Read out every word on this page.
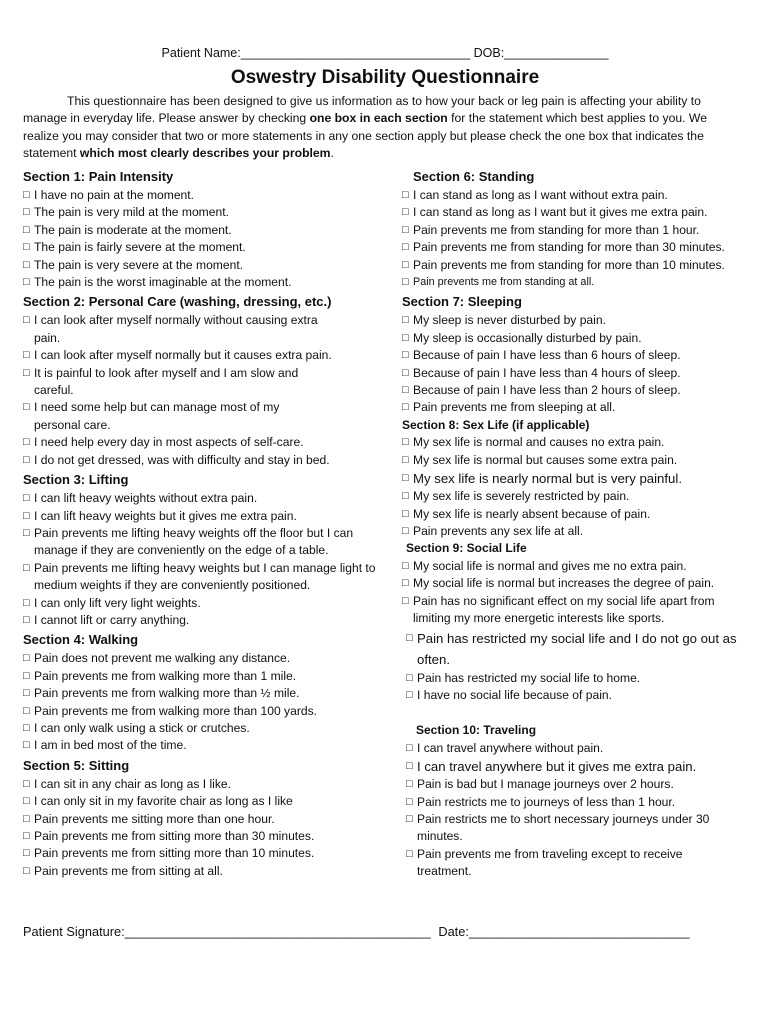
Patient Name:_________________________________ DOB:_______________
Oswestry Disability Questionnaire
This questionnaire has been designed to give us information as to how your back or leg pain is affecting your ability to manage in everyday life. Please answer by checking one box in each section for the statement which best applies to you. We realize you may consider that two or more statements in any one section apply but please check the one box that indicates the statement which most clearly describes your problem.
Section 1: Pain Intensity
□ I have no pain at the moment.
□ The pain is very mild at the moment.
□ The pain is moderate at the moment.
□ The pain is fairly severe at the moment.
□ The pain is very severe at the moment.
□ The pain is the worst imaginable at the moment.
Section 2: Personal Care (washing, dressing, etc.)
□ I can look after myself normally without causing extra pain.
□ I can look after myself normally but it causes extra pain.
□ It is painful to look after myself and I am slow and careful.
□ I need some help but can manage most of my personal care.
□ I need help every day in most aspects of self-care.
□ I do not get dressed, was with difficulty and stay in bed.
Section 3: Lifting
□ I can lift heavy weights without extra pain.
□ I can lift heavy weights but it gives me extra pain.
□ Pain prevents me lifting heavy weights off the floor but I can manage if they are conveniently on the edge of a table.
□ Pain prevents me lifting heavy weights but I can manage light to medium weights if they are conveniently positioned.
□ I can only lift very light weights.
□ I cannot lift or carry anything.
Section 4: Walking
□ Pain does not prevent me walking any distance.
□ Pain prevents me from walking more than 1 mile.
□ Pain prevents me from walking more than ½ mile.
□ Pain prevents me from walking more than 100 yards.
□ I can only walk using a stick or crutches.
□ I am in bed most of the time.
Section 5: Sitting
□ I can sit in any chair as long as I like.
□ I can only sit in my favorite chair as long as I like
□ Pain prevents me sitting more than one hour.
□ Pain prevents me from sitting more than 30 minutes.
□ Pain prevents me from sitting more than 10 minutes.
□ Pain prevents me from sitting at all.
Section 6: Standing
□ I can stand as long as I want without extra pain.
□ I can stand as long as I want but it gives me extra pain.
□ Pain prevents me from standing for more than 1 hour.
□ Pain prevents me from standing for more than 30 minutes.
□ Pain prevents me from standing for more than 10 minutes.
□ Pain prevents me from standing at all.
Section 7: Sleeping
□ My sleep is never disturbed by pain.
□ My sleep is occasionally disturbed by pain.
□ Because of pain I have less than 6 hours of sleep.
□ Because of pain I have less than 4 hours of sleep.
□ Because of pain I have less than 2 hours of sleep.
□ Pain prevents me from sleeping at all.
Section 8: Sex Life (if applicable)
□ My sex life is normal and causes no extra pain.
□ My sex life is normal but causes some extra pain.
□ My sex life is nearly normal but is very painful.
□ My sex life is severely restricted by pain.
□ My sex life is nearly absent because of pain.
□ Pain prevents any sex life at all.
Section 9: Social Life
□ My social life is normal and gives me no extra pain.
□ My social life is normal but increases the degree of pain.
□ Pain has no significant effect on my social life apart from limiting my more energetic interests like sports.
□ Pain has restricted my social life and I do not go out as often.
□ Pain has restricted my social life to home.
□ I have no social life because of pain.
Section 10: Traveling
□ I can travel anywhere without pain.
□ I can travel anywhere but it gives me extra pain.
□ Pain is bad but I manage journeys over 2 hours.
□ Pain restricts me to journeys of less than 1 hour.
□ Pain restricts me to short necessary journeys under 30 minutes.
□ Pain prevents me from traveling except to receive treatment.
Patient Signature:___________________________________________ Date:_______________________________
